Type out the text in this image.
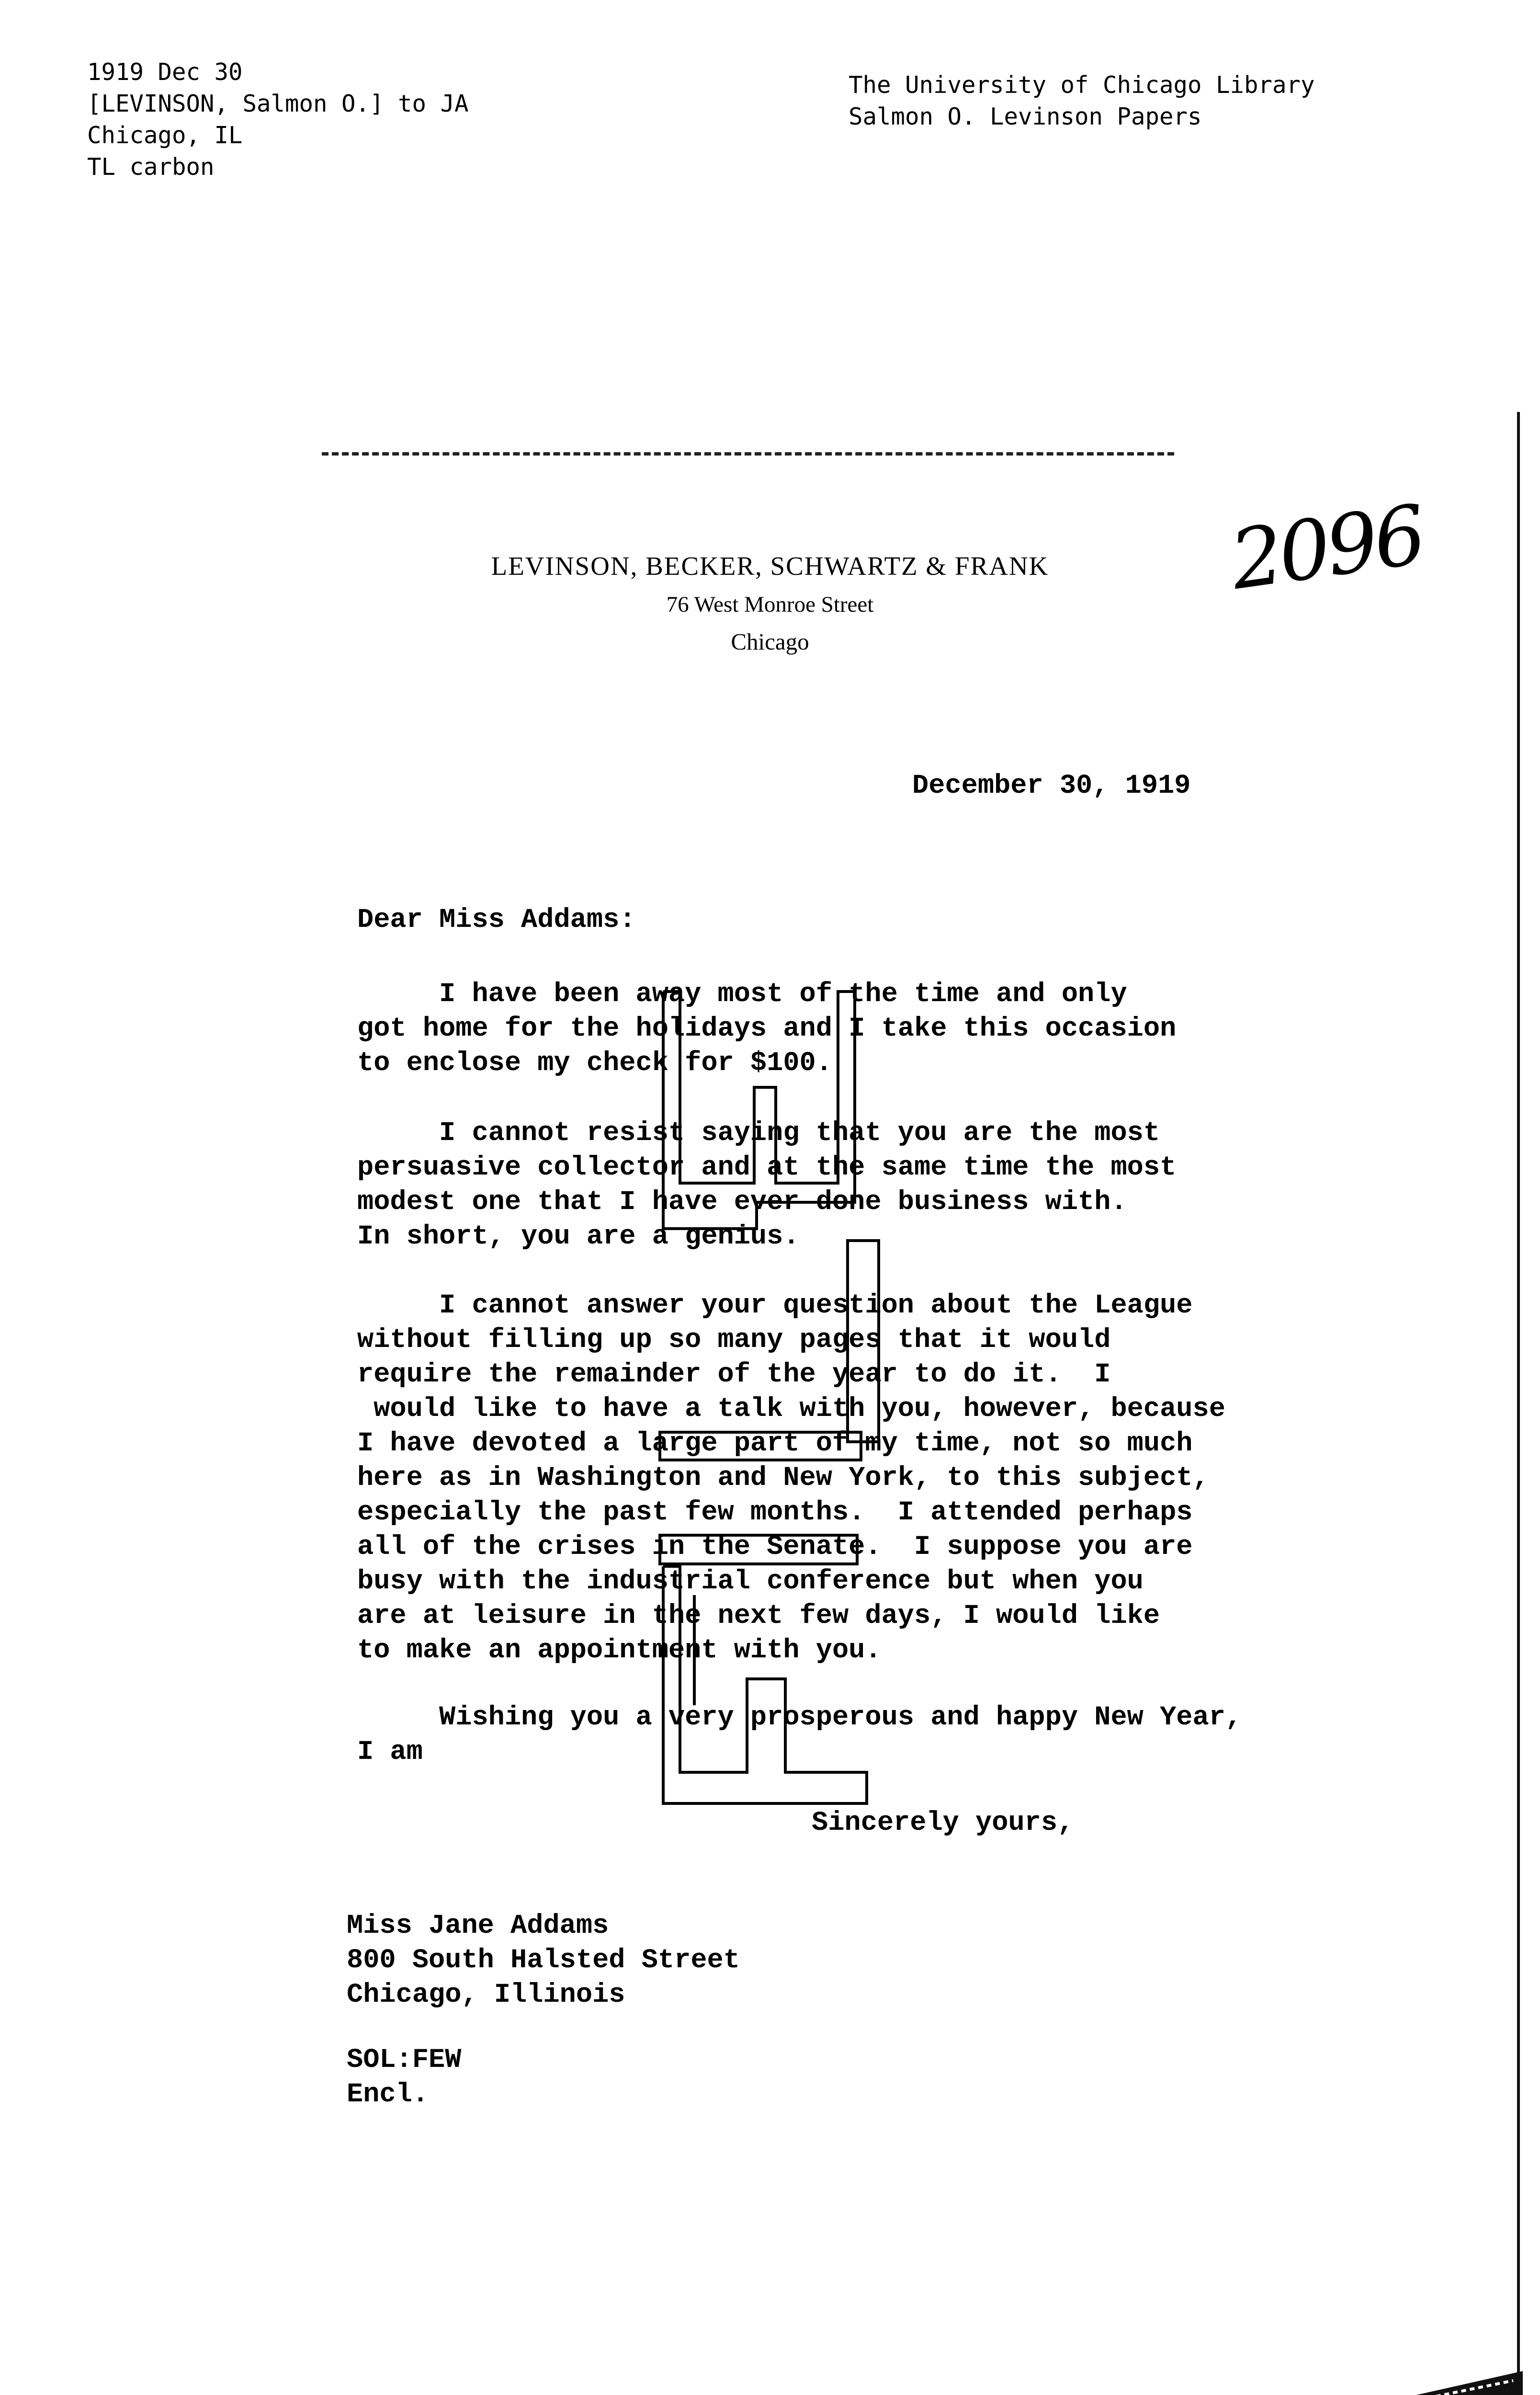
1919 Dec 30
[LEVINSON, Salmon O.] to JA
Chicago, IL
TL carbon
The University of Chicago Library
Salmon O. Levinson Papers
2096
LEVINSON, BECKER, SCHWARTZ & FRANK
76 West Monroe Street
Chicago
December 30, 1919
Dear Miss Addams:
I have been away most of the time and only
got home for the holidays and I take this occasion
to enclose my check for $100.
I cannot resist saying that you are the most
persuasive collector and at the same time the most
modest one that I have ever done business with.
In short, you are a genius.
I cannot answer your question about the League
without filling up so many pages that it would
require the remainder of the year to do it.  I
would like to have a talk with you, however, because
I have devoted a large part of my time, not so much
here as in Washington and New York, to this subject,
especially the past few months.  I attended perhaps
all of the crises in the Senate.  I suppose you are
busy with the industrial conference but when you
are at leisure in the next few days, I would like
to make an appointment with you.
Wishing you a very prosperous and happy New Year,
I am
Sincerely yours,
Miss Jane Addams
800 South Halsted Street
Chicago, Illinois
SOL:FEW
Encl.
